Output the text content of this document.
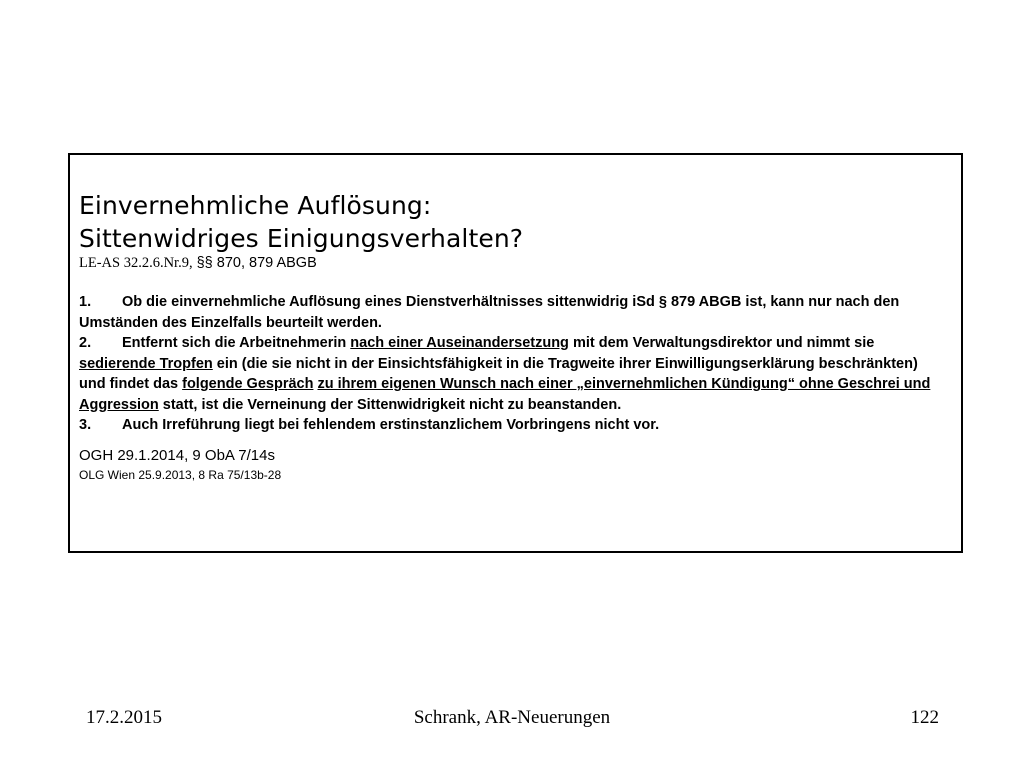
Einvernehmliche Auflösung:
Sittenwidriges Einigungsverhalten?

LE-AS 32.2.6.Nr.9, §§ 870, 879 ABGB

1. Ob die einvernehmliche Auflösung eines Dienstverhältnisses sittenwidrig iSd § 879 ABGB ist, kann nur nach den Umständen des Einzelfalls beurteilt werden.

2. Entfernt sich die Arbeitnehmerin nach einer Auseinandersetzung mit dem Verwaltungsdirektor und nimmt sie sedierende Tropfen ein (die sie nicht in der Einsichtsfähigkeit in die Tragweite ihrer Einwilligungserklärung beschränkten) und findet das folgende Gespräch zu ihrem eigenen Wunsch nach einer „einvernehmlichen Kündigung“ ohne Geschrei und Aggression statt, ist die Verneinung der Sittenwidrigkeit nicht zu beanstanden.

3. Auch Irreführung liegt bei fehlendem erstinstanzlichem Vorbringens nicht vor.

OGH 29.1.2014, 9 ObA 7/14s
OLG Wien 25.9.2013, 8 Ra 75/13b-28
17.2.2015	Schrank, AR-Neuerungen	122
